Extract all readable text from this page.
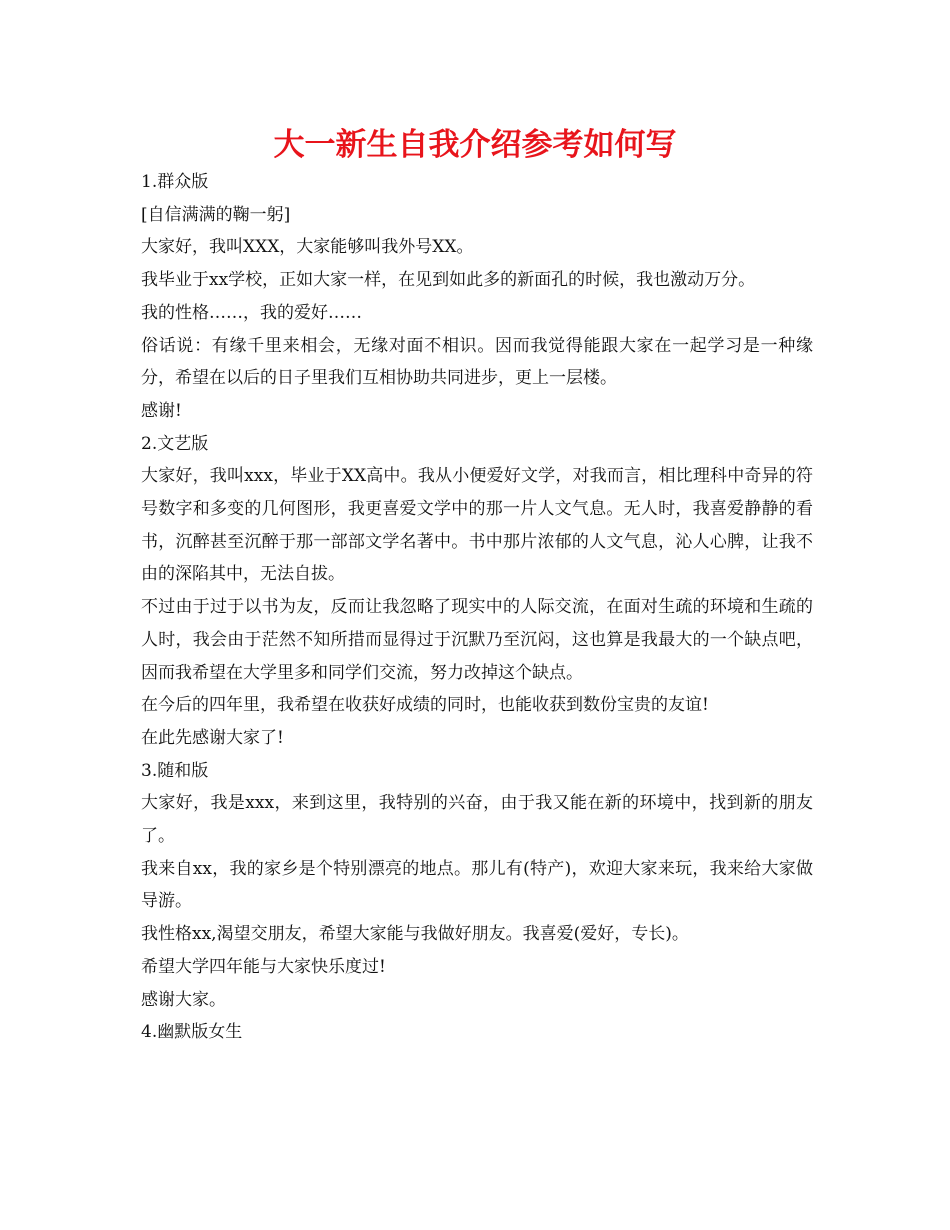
大一新生自我介绍参考如何写

1.群众版

[自信满满的鞠一躬]

大家好，我叫XXX，大家能够叫我外号XX。

我毕业于xx学校，正如大家一样，在见到如此多的新面孔的时候，我也激动万分。

我的性格……，我的爱好……

俗话说：有缘千里来相会，无缘对面不相识。因而我觉得能跟大家在一起学习是一种缘分，希望在以后的日子里我们互相协助共同进步，更上一层楼。

感谢!

2.文艺版

大家好，我叫xxx，毕业于XX高中。我从小便爱好文学，对我而言，相比理科中奇异的符号数字和多变的几何图形，我更喜爱文学中的那一片人文气息。无人时，我喜爱静静的看书，沉醉甚至沉醉于那一部部文学名著中。书中那片浓郁的人文气息，沁人心脾，让我不由的深陷其中，无法自拔。

不过由于过于以书为友，反而让我忽略了现实中的人际交流，在面对生疏的环境和生疏的人时，我会由于茫然不知所措而显得过于沉默乃至沉闷，这也算是我最大的一个缺点吧，因而我希望在大学里多和同学们交流，努力改掉这个缺点。

在今后的四年里，我希望在收获好成绩的同时，也能收获到数份宝贵的友谊!

在此先感谢大家了!

3.随和版

大家好，我是xxx，来到这里，我特别的兴奋，由于我又能在新的环境中，找到新的朋友了。

我来自xx，我的家乡是个特别漂亮的地点。那儿有(特产)，欢迎大家来玩，我来给大家做导游。

我性格xx,渴望交朋友，希望大家能与我做好朋友。我喜爱(爱好，专长)。

希望大学四年能与大家快乐度过!

感谢大家。

4.幽默版女生
